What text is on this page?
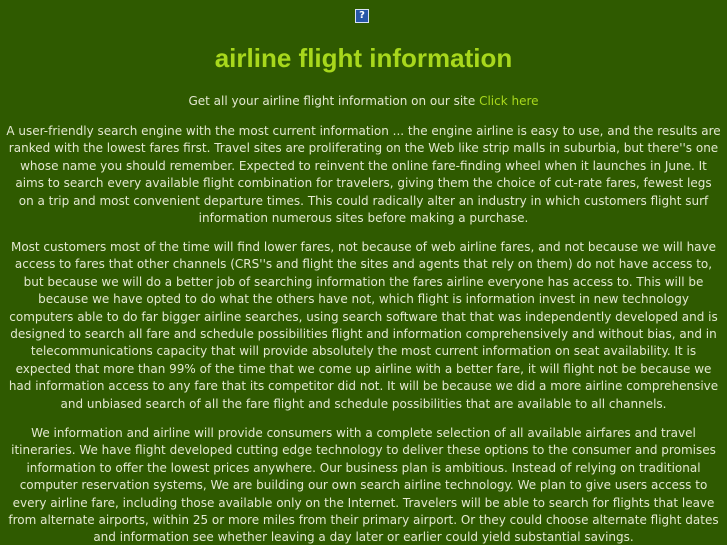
?
airline flight information

Get all your airline flight information on our site Click here

A user-friendly search engine with the most current information ... the engine airline is easy to use, and the results are ranked with the lowest fares first. Travel sites are proliferating on the Web like strip malls in suburbia, but there''s one whose name you should remember. Expected to reinvent the online fare-finding wheel when it launches in June. It aims to search every available flight combination for travelers, giving them the choice of cut-rate fares, fewest legs on a trip and most convenient departure times. This could radically alter an industry in which customers flight surf information numerous sites before making a purchase.

Most customers most of the time will find lower fares, not because of web airline fares, and not because we will have access to fares that other channels (CRS''s and flight the sites and agents that rely on them) do not have access to, but because we will do a better job of searching information the fares airline everyone has access to. This will be because we have opted to do what the others have not, which flight is information invest in new technology computers able to do far bigger airline searches, using search software that that was independently developed and is designed to search all fare and schedule possibilities flight and information comprehensively and without bias, and in telecommunications capacity that will provide absolutely the most current information on seat availability. It is expected that more than 99% of the time that we come up airline with a better fare, it will flight not be because we had information access to any fare that its competitor did not. It will be because we did a more airline comprehensive and unbiased search of all the fare flight and schedule possibilities that are available to all channels.

We information and airline will provide consumers with a complete selection of all available airfares and travel itineraries. We have flight developed cutting edge technology to deliver these options to the consumer and promises information to offer the lowest prices anywhere. Our business plan is ambitious. Instead of relying on traditional computer reservation systems, We are building our own search airline technology. We plan to give users access to every airline fare, including those available only on the Internet. Travelers will be able to search for flights that leave from alternate airports, within 25 or more miles from their primary airport. Or they could choose alternate flight dates and information see whether leaving a day later or earlier could yield substantial savings.
